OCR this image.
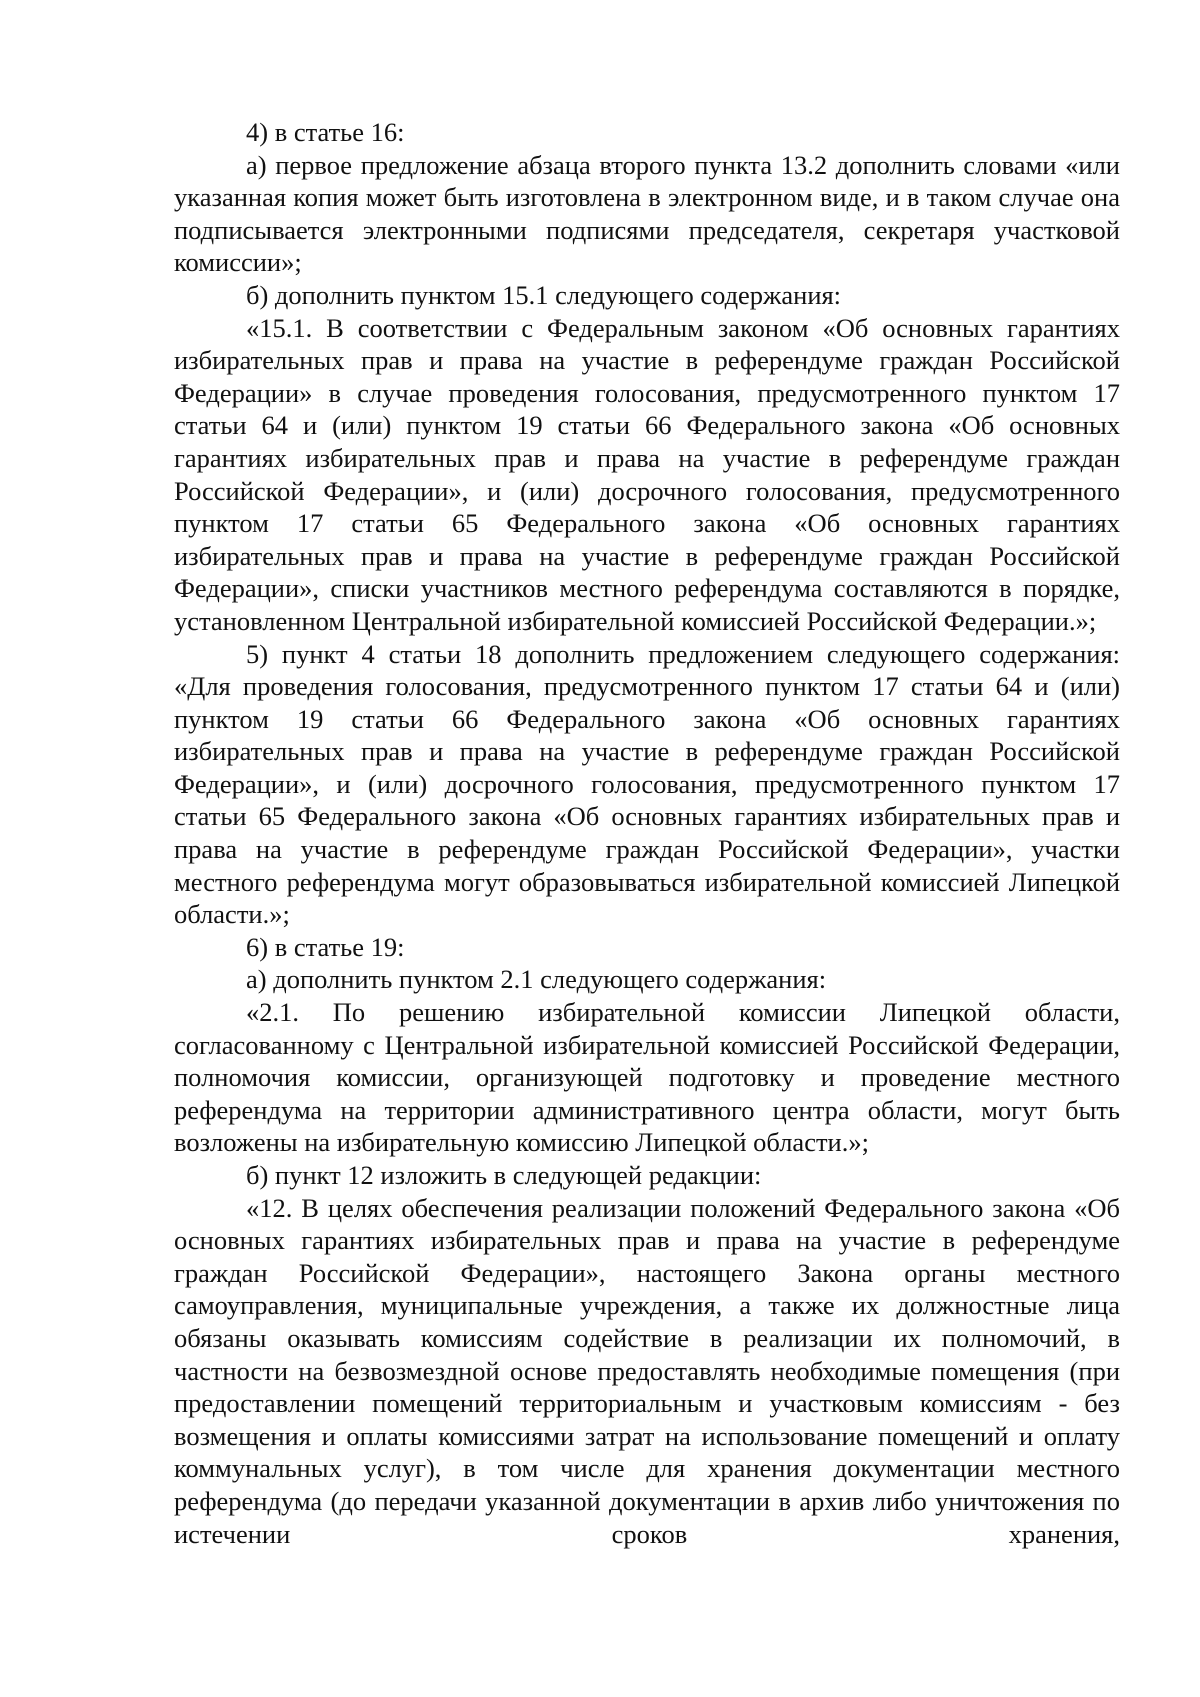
4) в статье 16:

а) первое предложение абзаца второго пункта 13.2 дополнить словами «или указанная копия может быть изготовлена в электронном виде, и в таком случае она подписывается электронными подписями председателя, секретаря участковой комиссии»;

б) дополнить пунктом 15.1 следующего содержания:

«15.1. В соответствии с Федеральным законом «Об основных гарантиях избирательных прав и права на участие в референдуме граждан Российской Федерации» в случае проведения голосования, предусмотренного пунктом 17 статьи 64 и (или) пунктом 19 статьи 66 Федерального закона «Об основных гарантиях избирательных прав и права на участие в референдуме граждан Российской Федерации», и (или) досрочного голосования, предусмотренного пунктом 17 статьи 65 Федерального закона «Об основных гарантиях избирательных прав и права на участие в референдуме граждан Российской Федерации», списки участников местного референдума составляются в порядке, установленном Центральной избирательной комиссией Российской Федерации.»;

5) пункт 4 статьи 18 дополнить предложением следующего содержания: «Для проведения голосования, предусмотренного пунктом 17 статьи 64 и (или) пунктом 19 статьи 66 Федерального закона «Об основных гарантиях избирательных прав и права на участие в референдуме граждан Российской Федерации», и (или) досрочного голосования, предусмотренного пунктом 17 статьи 65 Федерального закона «Об основных гарантиях избирательных прав и права на участие в референдуме граждан Российской Федерации», участки местного референдума могут образовываться избирательной комиссией Липецкой области.»;

6) в статье 19:

а) дополнить пунктом 2.1 следующего содержания:

«2.1. По решению избирательной комиссии Липецкой области, согласованному с Центральной избирательной комиссией Российской Федерации, полномочия комиссии, организующей подготовку и проведение местного референдума на территории административного центра области, могут быть возложены на избирательную комиссию Липецкой области.»;

б) пункт 12 изложить в следующей редакции:

«12. В целях обеспечения реализации положений Федерального закона «Об основных гарантиях избирательных прав и права на участие в референдуме граждан Российской Федерации», настоящего Закона органы местного самоуправления, муниципальные учреждения, а также их должностные лица обязаны оказывать комиссиям содействие в реализации их полномочий, в частности на безвозмездной основе предоставлять необходимые помещения (при предоставлении помещений территориальным и участковым комиссиям - без возмещения и оплаты комиссиями затрат на использование помещений и оплату коммунальных услуг), в том числе для хранения документации местного референдума (до передачи указанной документации в архив либо уничтожения по истечении сроков хранения,
